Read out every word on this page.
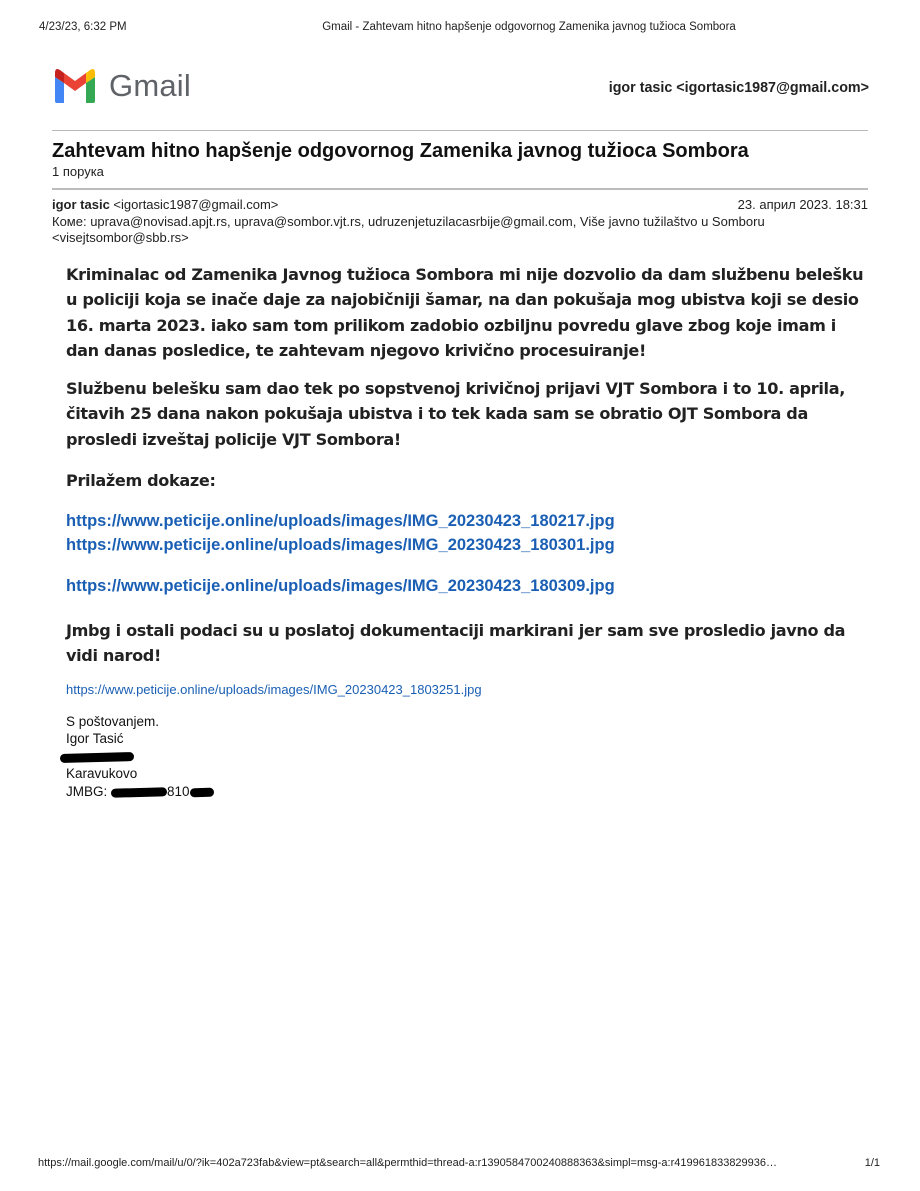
4/23/23, 6:32 PM	Gmail - Zahtevam hitno hapšenje odgovornog Zamenika javnog tužioca Sombora
Gmail	igor tasic <igortasic1987@gmail.com>
Zahtevam hitno hapšenje odgovornog Zamenika javnog tužioca Sombora
1 порука
igor tasic <igortasic1987@gmail.com>	23. април 2023. 18:31
Коме: uprava@novisad.apjt.rs, uprava@sombor.vjt.rs, udruzenjetuzilacasrbije@gmail.com, Više javno tužilaštvo u Somboru
<visejtsombor@sbb.rs>

Kriminalac od Zamenika Javnog tužioca Sombora mi nije dozvolio da dam službenu belešku u policiji koja se inače daje za najobičniji šamar, na dan pokušaja mog ubistva koji se desio 16. marta 2023. iako sam tom prilikom zadobio ozbiljnu povredu glave zbog koje imam i dan danas posledice, te zahtevam njegovo krivično procesuiranje!

Službenu belešku sam dao tek po sopstvenoj krivičnoj prijavi VJT Sombora i to 10. aprila, čitavih 25 dana nakon pokušaja ubistva i to tek kada sam se obratio OJT Sombora da prosledi izveštaj policije VJT Sombora!

Prilažem dokaze:

https://www.peticije.online/uploads/images/IMG_20230423_180217.jpg
https://www.peticije.online/uploads/images/IMG_20230423_180301.jpg
https://www.peticije.online/uploads/images/IMG_20230423_180309.jpg

Jmbg i ostali podaci su u poslatoj dokumentaciji markirani jer sam sve prosledio javno da vidi narod!

https://www.peticije.online/uploads/images/IMG_20230423_1803251.jpg
S poštovanjem.
Igor Tasić
Karavukovo
JMBG:	810
https://mail.google.com/mail/u/0/?ik=402a723fab&view=pt&search=all&permthid=thread-a:r1390584700240888363&simpl=msg-a:r419961833829936…	1/1
